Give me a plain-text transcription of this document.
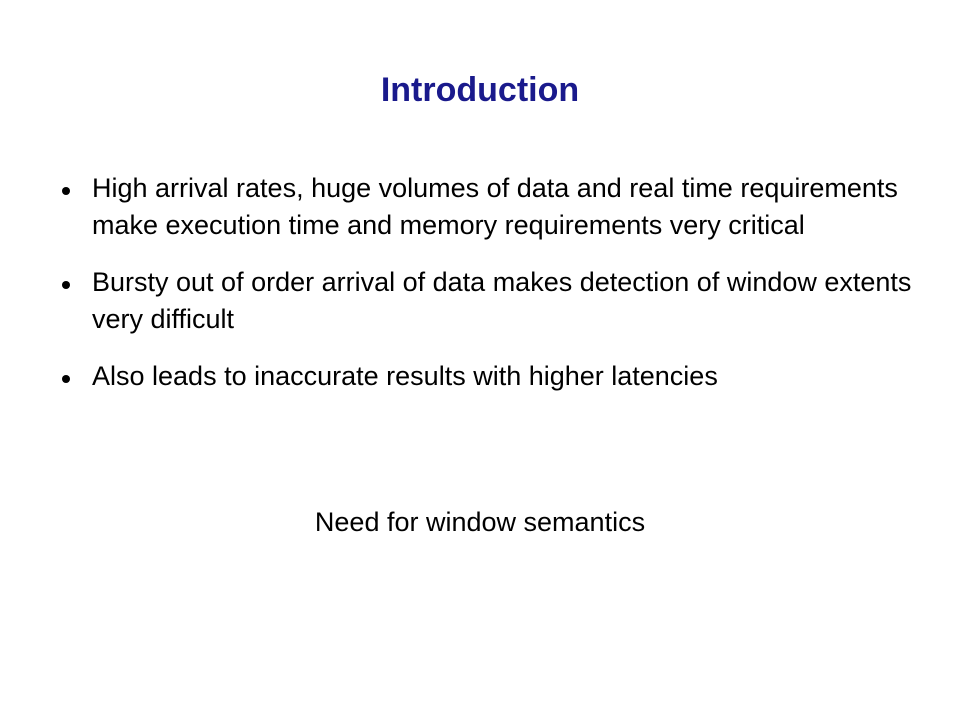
Introduction
High arrival rates, huge volumes of data and real time requirements make execution time and memory requirements very critical
Bursty out of order arrival of data makes detection of window extents very difficult
Also leads to inaccurate results with higher latencies
Need for window semantics
